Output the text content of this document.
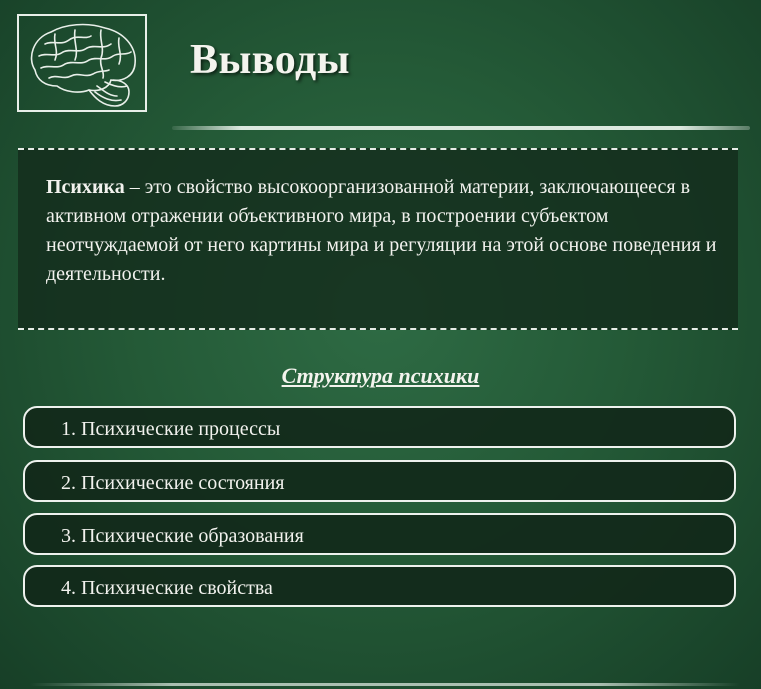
Выводы
Психика – это свойство высокоорганизованной материи, заключающееся в активном отражении объективного мира, в построении субъектом неотчуждаемой от него картины мира и регуляции на этой основе поведения и деятельности.
Структура психики
1. Психические процессы
2. Психические состояния
3. Психические образования
4. Психические свойства
